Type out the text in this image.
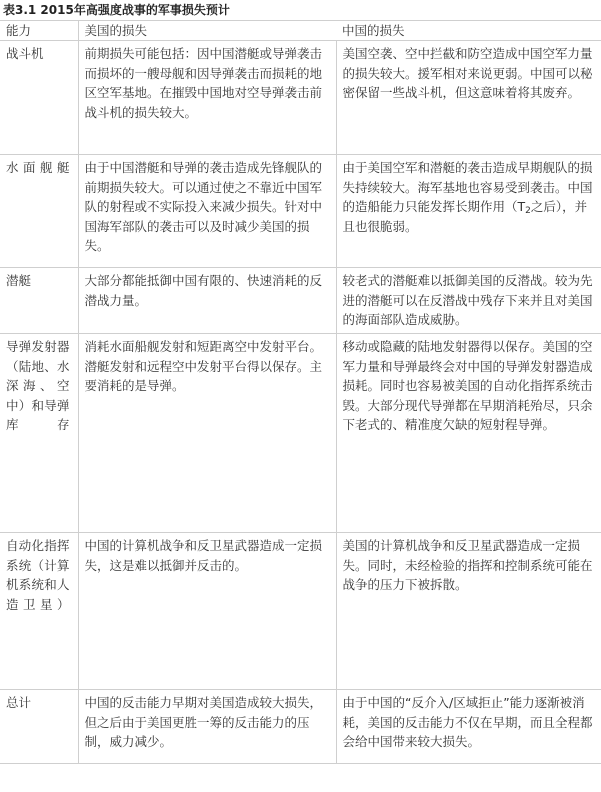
表3.1 2015年高强度战事的军事损失预计
能力	美国的损失	中国的损失
战斗机	前期损失可能包括：因中国潜艇或导弹袭击而损坏的一艘母舰和因导弹袭击而损耗的地区空军基地。在摧毁中国地对空导弹袭击前战斗机的损失较大。	美国空袭、空中拦截和防空造成中国空军力量的损失较大。援军相对来说更弱。中国可以秘密保留一些战斗机，但这意味着将其废弃。
水面舰艇	由于中国潜艇和导弹的袭击造成先锋舰队的前期损失较大。可以通过使之不靠近中国军队的射程或不实际投入来减少损失。针对中国海军部队的袭击可以及时减少美国的损失。	由于美国空军和潜艇的袭击造成早期舰队的损失持续较大。海军基地也容易受到袭击。中国的造船能力只能发挥长期作用（$T_2$之后），并且也很脆弱。
潜艇	大部分都能抵御中国有限的、快速消耗的反潜战力量。	较老式的潜艇难以抵御美国的反潜战。较为先进的潜艇可以在反潜战中残存下来并且对美国的海面部队造成威胁。
导弹发射器（陆地、水深海、空中）和导弹库存	消耗水面船舰发射和短距离空中发射平台。潜艇发射和远程空中发射平台得以保存。主要消耗的是导弹。	移动或隐藏的陆地发射器得以保存。美国的空军力量和导弹最终会对中国的导弹发射器造成损耗。同时也容易被美国的自动化指挥系统击毁。大部分现代导弹都在早期消耗殆尽，只余下老式的、精准度欠缺的短射程导弹。
自动化指挥系统（计算机系统和人造卫星）	中国的计算机战争和反卫星武器造成一定损失，这是难以抵御并反击的。	美国的计算机战争和反卫星武器造成一定损失。同时，未经检验的指挥和控制系统可能在战争的压力下被拆散。
总计	中国的反击能力早期对美国造成较大损失，但之后由于美国更胜一筹的反击能力的压制，威力减少。	由于中国的“反介入/区域拒止”能力逐渐被消耗，美国的反击能力不仅在早期，而且全程都会给中国带来较大损失。
